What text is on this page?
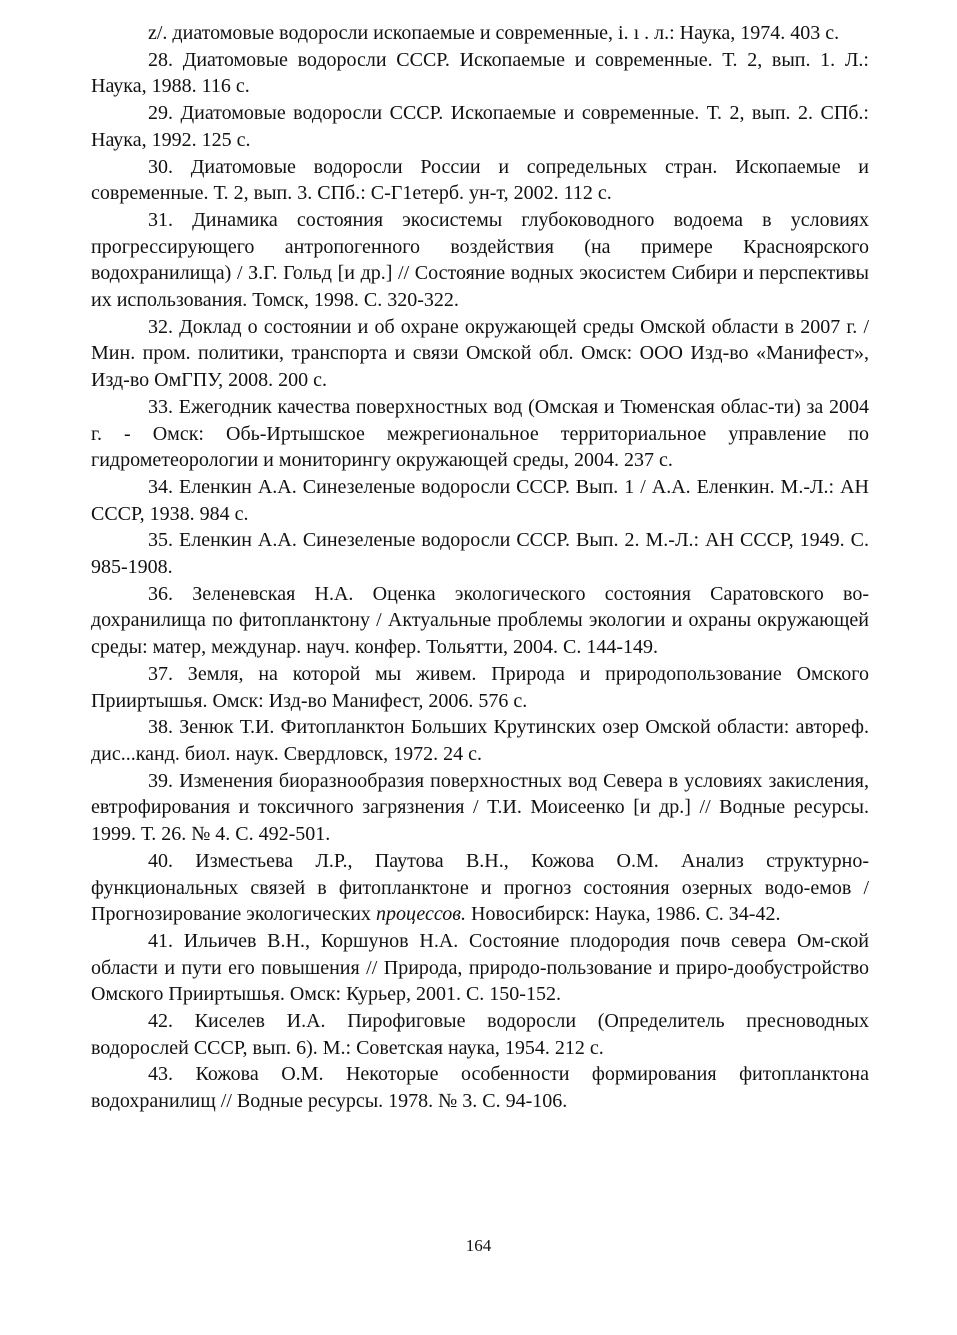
z/. диатомовые водоросли ископаемые и современные, i. ı . л.: Наука, 1974. 403 с.

28. Диатомовые водоросли СССР. Ископаемые и современные. Т. 2, вып. 1. Л.: Наука, 1988. 116 с.

29. Диатомовые водоросли СССР. Ископаемые и современные. Т. 2, вып. 2. СПб.: Наука, 1992. 125 с.

30. Диатомовые водоросли России и сопредельных стран. Ископаемые и современные. Т. 2, вып. 3. СПб.: С-Г1етерб. ун-т, 2002. 112 с.

31. Динамика состояния экосистемы глубоководного водоема в условиях прогрессирующего антропогенного воздействия (на примере Красноярского водохранилища) / З.Г. Гольд [и др.] // Состояние водных экосистем Сибири и перспективы их использования. Томск, 1998. С. 320-322.

32. Доклад о состоянии и об охране окружающей среды Омской области в 2007 г. / Мин. пром. политики, транспорта и связи Омской обл. Омск: ООО Изд-во «Манифест», Изд-во ОмГПУ, 2008. 200 с.

33. Ежегодник качества поверхностных вод (Омская и Тюменская облас-ти) за 2004 г. - Омск: Обь-Иртышское межрегиональное территориальное управление по гидрометеорологии и мониторингу окружающей среды, 2004. 237 с.

34. Еленкин А.А. Синезеленые водоросли СССР. Вып. 1 / А.А. Еленкин. М.-Л.: АН СССР, 1938. 984 с.

35. Еленкин А.А. Синезеленые водоросли СССР. Вып. 2. М.-Л.: АН СССР, 1949. С. 985-1908.

36. Зеленевская Н.А. Оценка экологического состояния Саратовского во-дохранилища по фитопланктону / Актуальные проблемы экологии и охраны окружающей среды: матер, междунар. науч. конфер. Тольятти, 2004. С. 144-149.

37. Земля, на которой мы живем. Природа и природопользование Омского Прииртышья. Омск: Изд-во Манифест, 2006. 576 с.

38. Зенюк Т.И. Фитопланктон Больших Крутинских озер Омской области: автореф. дис...канд. биол. наук. Свердловск, 1972. 24 с.

39. Изменения биоразнообразия поверхностных вод Севера в условиях закисления, евтрофирования и токсичного загрязнения / Т.И. Моисеенко [и др.] // Водные ресурсы. 1999. Т. 26. № 4. С. 492-501.

40. Изместьева Л.Р., Паутова В.Н., Кожова О.М. Анализ структурно-функциональных связей в фитопланктоне и прогноз состояния озерных водо-емов / Прогнозирование экологических процессов. Новосибирск: Наука, 1986. С. 34-42.

41. Ильичев В.Н., Коршунов Н.А. Состояние плодородия почв севера Ом-ской области и пути его повышения // Природа, природо-пользование и приро-дообустройство Омского Прииртышья. Омск: Курьер, 2001. С. 150-152.

42. Киселев И.А. Пирофиговые водоросли (Определитель пресноводных водорослей СССР, вып. 6). М.: Советская наука, 1954. 212 с.

43. Кожова О.М. Некоторые особенности формирования фитопланктона водохранилищ // Водные ресурсы. 1978. № 3. С. 94-106.

164
